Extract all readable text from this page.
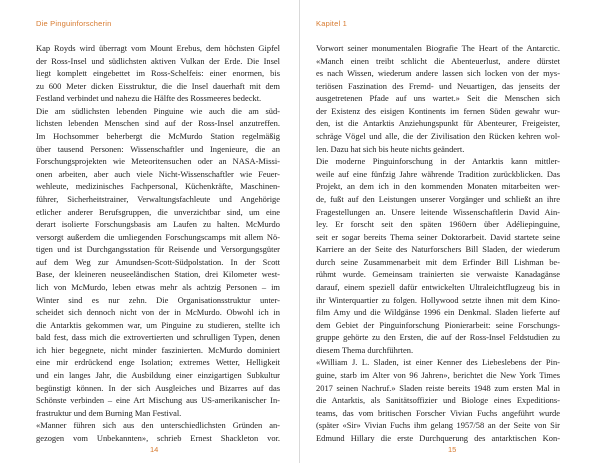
Die Pinguinforscherin
Kap Royds wird überragt vom Mount Erebus, dem höchsten Gipfel
der Ross-Insel und südlichsten aktiven Vulkan der Erde. Die Insel
liegt komplett eingebettet im Ross-Schelfeis: einer enormen, bis
zu 600 Meter dicken Eisstruktur, die die Insel dauerhaft mit dem
Festland verbindet und nahezu die Hälfte des Rossmeeres bedeckt.
Die am südlichsten lebenden Pinguine wie auch die am süd-
lichsten lebenden Menschen sind auf der Ross-Insel anzutreffen.
Im Hochsommer beherbergt die McMurdo Station regelmäßig
über tausend Personen: Wissenschaftler und Ingenieure, die an
Forschungsprojekten wie Meteoritensuchen oder an NASA-Missi-
onen arbeiten, aber auch viele Nicht-Wissenschaftler wie Feuer-
wehleute, medizinisches Fachpersonal, Küchenkräfte, Maschinen-
führer, Sicherheitstrainer, Verwaltungsfachleute und Angehörige
etlicher anderer Berufsgruppen, die unverzichtbar sind, um eine
derart isolierte Forschungsbasis am Laufen zu halten. McMurdo
versorgt außerdem die umliegenden Forschungscamps mit allem Nö-
tigen und ist Durchgangsstation für Reisende und Versorgungsgüter
auf dem Weg zur Amundsen-Scott-Südpolstation. In der Scott
Base, der kleineren neuseeländischen Station, drei Kilometer west-
lich von McMurdo, leben etwas mehr als achtzig Personen – im
Winter sind es nur zehn. Die Organisationsstruktur unter-
scheidet sich dennoch nicht von der in McMurdo. Obwohl ich in
die Antarktis gekommen war, um Pinguine zu studieren, stellte ich
bald fest, dass mich die extrovertierten und schrulligen Typen, denen
ich hier begegnete, nicht minder faszinierten. McMurdo dominiert
eine mir erdrückend enge Isolation; extremes Wetter, Helligkeit
und ein langes Jahr, die Ausbildung einer einzigartigen Subkultur
begünstigt können. In der sich Ausgleiches und Bizarres auf das
Schönste verbinden – eine Art Mischung aus US-amerikanischer In-
frastruktur und dem Burning Man Festival.
«Manner führen sich aus den unterschiedlichsten Gründen an-
gezogen vom Unbekannten», schrieb Ernest Shackleton vor.
14
Kapitel 1
Vorwort seiner monumentalen Biografie The Heart of the Antarctic.
«Manch einen treibt schlicht die Abenteuerlust, andere dürstet
es nach Wissen, wiederum andere lassen sich locken von der mys-
teriösen Faszination des Fremd- und Neuartigen, das jenseits der
ausgetretenen Pfade auf uns wartet.» Seit die Menschen sich
der Existenz des eisigen Kontinents im fernen Süden gewahr wur-
den, ist die Antarktis Anziehungspunkt für Abenteurer, Freigeister,
schräge Vögel und alle, die der Zivilisation den Rücken kehren wol-
len. Dazu hat sich bis heute nichts geändert.
Die moderne Pinguinforschung in der Antarktis kann mittler-
weile auf eine fünfzig Jahre währende Tradition zurückblicken. Das
Projekt, an dem ich in den kommenden Monaten mitarbeiten wer-
de, fußt auf den Leistungen unserer Vorgänger und schließt an ihre
Fragestellungen an. Unsere leitende Wissenschaftlerin David Ain-
ley. Er forscht seit den späten 1960ern über Adéliepinguine,
seit er sogar bereits Thema seiner Doktorarbeit. David startete seine
Karriere an der Seite des Naturforschers Bill Sladen, der wiederum
durch seine Zusammenarbeit mit dem Erfinder Bill Lishman be-
rühmt wurde. Gemeinsam trainierten sie verwaiste Kanadagänse
darauf, einem speziell dafür entwickelten Ultraleichtflugzeug bis in
ihr Winterquartier zu folgen. Hollywood setzte ihnen mit dem Kino-
film Amy und die Wildgänse 1996 ein Denkmal. Sladen lieferte auf
dem Gebiet der Pinguinforschung Pionierarbeit: seine Forschungs-
gruppe gehörte zu den Ersten, die auf der Ross-Insel Feldstudien zu
diesem Thema durchführten.
«William J. L. Sladen, ist einer Kenner des Liebeslebens der Pin-
guine, starb im Alter von 96 Jahren», berichtet die New York Times
2017 seinen Nachruf.» Sladen reiste bereits 1948 zum ersten Mal in
die Antarktis, als Sanitätsoffizier und Biologe eines Expeditions-
teams, das vom britischen Forscher Vivian Fuchs angeführt wurde
(später «Sir» Vivian Fuchs ihm gelang 1957/58 an der Seite von Sir
Edmund Hillary die erste Durchquerung des antarktischen Kon-
15
